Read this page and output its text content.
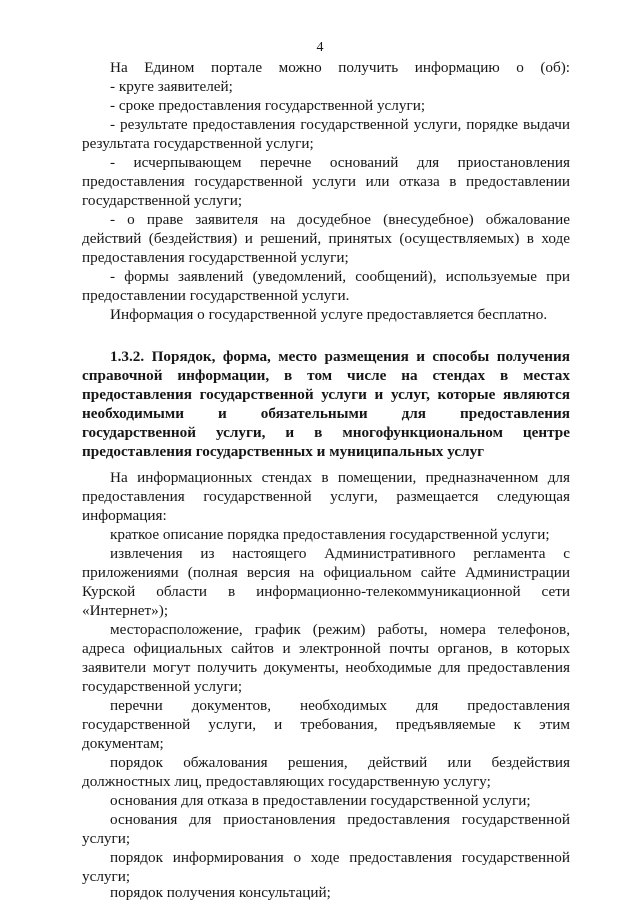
4
На Едином портале можно получить информацию о (об):
- круге заявителей;
- сроке предоставления государственной услуги;
- результате предоставления государственной услуги, порядке выдачи
результата государственной услуги;
- исчерпывающем перечне оснований для приостановления
предоставления государственной услуги или отказа в предоставлении
государственной услуги;
- о праве заявителя на досудебное (внесудебное) обжалование
действий (бездействия) и решений, принятых (осуществляемых) в ходе
предоставления государственной услуги;
- формы заявлений (уведомлений, сообщений), используемые при
предоставлении государственной услуги.
Информация о государственной услуге предоставляется бесплатно.
1.3.2. Порядок, форма, место размещения и способы получения
справочной информации, в том числе на стендах в местах
предоставления государственной услуги и услуг, которые являются
необходимыми и обязательными для предоставления
государственной услуги, и в многофункциональном центре
предоставления государственных и муниципальных услуг
На информационных стендах в помещении, предназначенном для
предоставления государственной услуги, размещается следующая
информация:
краткое описание порядка предоставления государственной услуги;
извлечения из настоящего Административного регламента с
приложениями (полная версия на официальном сайте Администрации
Курской области в информационно-телекоммуникационной сети
«Интернет»);
месторасположение, график (режим) работы, номера телефонов,
адреса официальных сайтов и электронной почты органов, в которых
заявители могут получить документы, необходимые для предоставления
государственной услуги;
перечни документов, необходимых для предоставления
государственной услуги, и требования, предъявляемые к этим
документам;
порядок обжалования решения, действий или бездействия
должностных лиц, предоставляющих государственную услугу;
основания для отказа в предоставлении государственной услуги;
основания для приостановления предоставления государственной
услуги;
порядок информирования о ходе предоставления государственной
услуги;
порядок получения консультаций;
